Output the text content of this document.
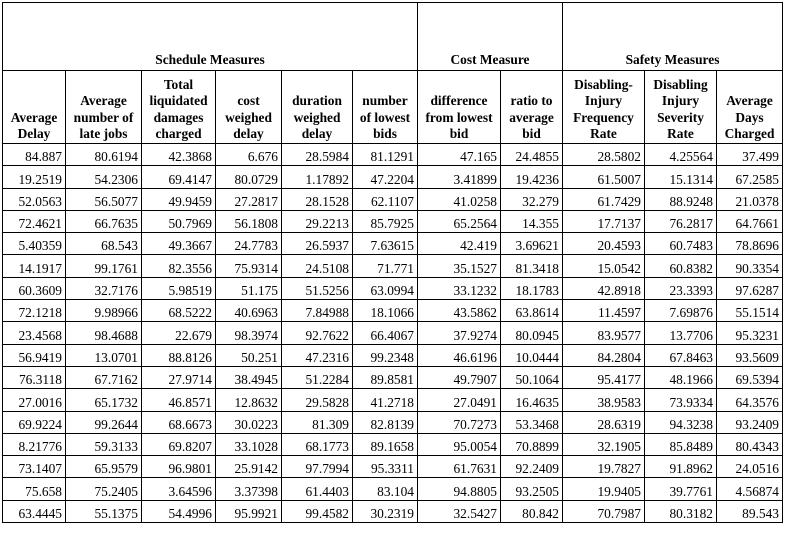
Schedule Measures						Cost Measure		Safety Measures		
Average Delay	Average number of late jobs	Total liquidated damages charged	cost weighed delay	duration weighed delay	number of lowest bids	difference from lowest bid	ratio to average bid	Disabling-Injury Frequency Rate	Disabling Injury Severity Rate	Average Days Charged
84.887	80.6194	42.3868	6.676	28.5984	81.1291	47.165	24.4855	28.5802	4.25564	37.499
19.2519	54.2306	69.4147	80.0729	1.17892	47.2204	3.41899	19.4236	61.5007	15.1314	67.2585
52.0563	56.5077	49.9459	27.2817	28.1528	62.1107	41.0258	32.279	61.7429	88.9248	21.0378
72.4621	66.7635	50.7969	56.1808	29.2213	85.7925	65.2564	14.355	17.7137	76.2817	64.7661
5.40359	68.543	49.3667	24.7783	26.5937	7.63615	42.419	3.69621	20.4593	60.7483	78.8696
14.1917	99.1761	82.3556	75.9314	24.5108	71.771	35.1527	81.3418	15.0542	60.8382	90.3354
60.3609	32.7176	5.98519	51.175	51.5256	63.0994	33.1232	18.1783	42.8918	23.3393	97.6287
72.1218	9.98966	68.5222	40.6963	7.84988	18.1066	43.5862	63.8614	11.4597	7.69876	55.1514
23.4568	98.4688	22.679	98.3974	92.7622	66.4067	37.9274	80.0945	83.9577	13.7706	95.3231
56.9419	13.0701	88.8126	50.251	47.2316	99.2348	46.6196	10.0444	84.2804	67.8463	93.5609
76.3118	67.7162	27.9714	38.4945	51.2284	89.8581	49.7907	50.1064	95.4177	48.1966	69.5394
27.0016	65.1732	46.8571	12.8632	29.5828	41.2718	27.0491	16.4635	38.9583	73.9334	64.3576
69.9224	99.2644	68.6673	30.0223	81.309	82.8139	70.7273	53.3468	28.6319	94.3238	93.2409
8.21776	59.3133	69.8207	33.1028	68.1773	89.1658	95.0054	70.8899	32.1905	85.8489	80.4343
73.1407	65.9579	96.9801	25.9142	97.7994	95.3311	61.7631	92.2409	19.7827	91.8962	24.0516
75.658	75.2405	3.64596	3.37398	61.4403	83.104	94.8805	93.2505	19.9405	39.7761	4.56874
63.4445	55.1375	54.4996	95.9921	99.4582	30.2319	32.5427	80.842	70.7987	80.3182	89.543
